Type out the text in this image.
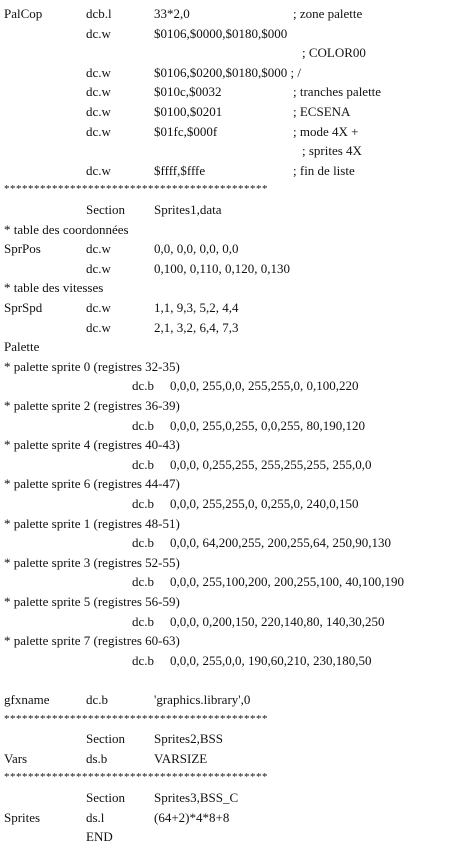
PalCop	dcb.l	33*2,0	; zone palette
dc.w	$0106,$0000,$0180,$000
; COLOR00
dc.w	$0106,$0200,$0180,$000 ; /
dc.w	$010c,$0032	; tranches palette
dc.w	$0100,$0201	; ECSENA
dc.w	$01fc,$000f	; mode 4X +
; sprites 4X
dc.w	$ffff,$fffe	; fin de liste
********************************************
Section Sprites1,data
* table des coordonnées
SprPos	dc.w	0,0, 0,0, 0,0, 0,0
dc.w	0,100, 0,110, 0,120, 0,130
* table des vitesses
SprSpd	dc.w	1,1, 9,3, 5,2, 4,4
dc.w	2,1, 3,2, 6,4, 7,3
Palette
* palette sprite 0 (registres 32-35)
dc.b 0,0,0, 255,0,0, 255,255,0, 0,100,220
* palette sprite 2 (registres 36-39)
dc.b 0,0,0, 255,0,255, 0,0,255, 80,190,120
* palette sprite 4 (registres 40-43)
dc.b 0,0,0, 0,255,255, 255,255,255, 255,0,0
* palette sprite 6 (registres 44-47)
dc.b 0,0,0, 255,255,0, 0,255,0, 240,0,150
* palette sprite 1 (registres 48-51)
dc.b 0,0,0, 64,200,255, 200,255,64, 250,90,130
* palette sprite 3 (registres 52-55)
dc.b 0,0,0, 255,100,200, 200,255,100, 40,100,190
* palette sprite 5 (registres 56-59)
dc.b 0,0,0, 0,200,150, 220,140,80, 140,30,250
* palette sprite 7 (registres 60-63)
dc.b 0,0,0, 255,0,0, 190,60,210, 230,180,50
gfxname	dc.b	'graphics.library',0
********************************************
Section Sprites2,BSS
Vars	ds.b	VARSIZE
********************************************
Section Sprites3,BSS_C
Sprites	ds.l	(64+2)*4*8+8
END
